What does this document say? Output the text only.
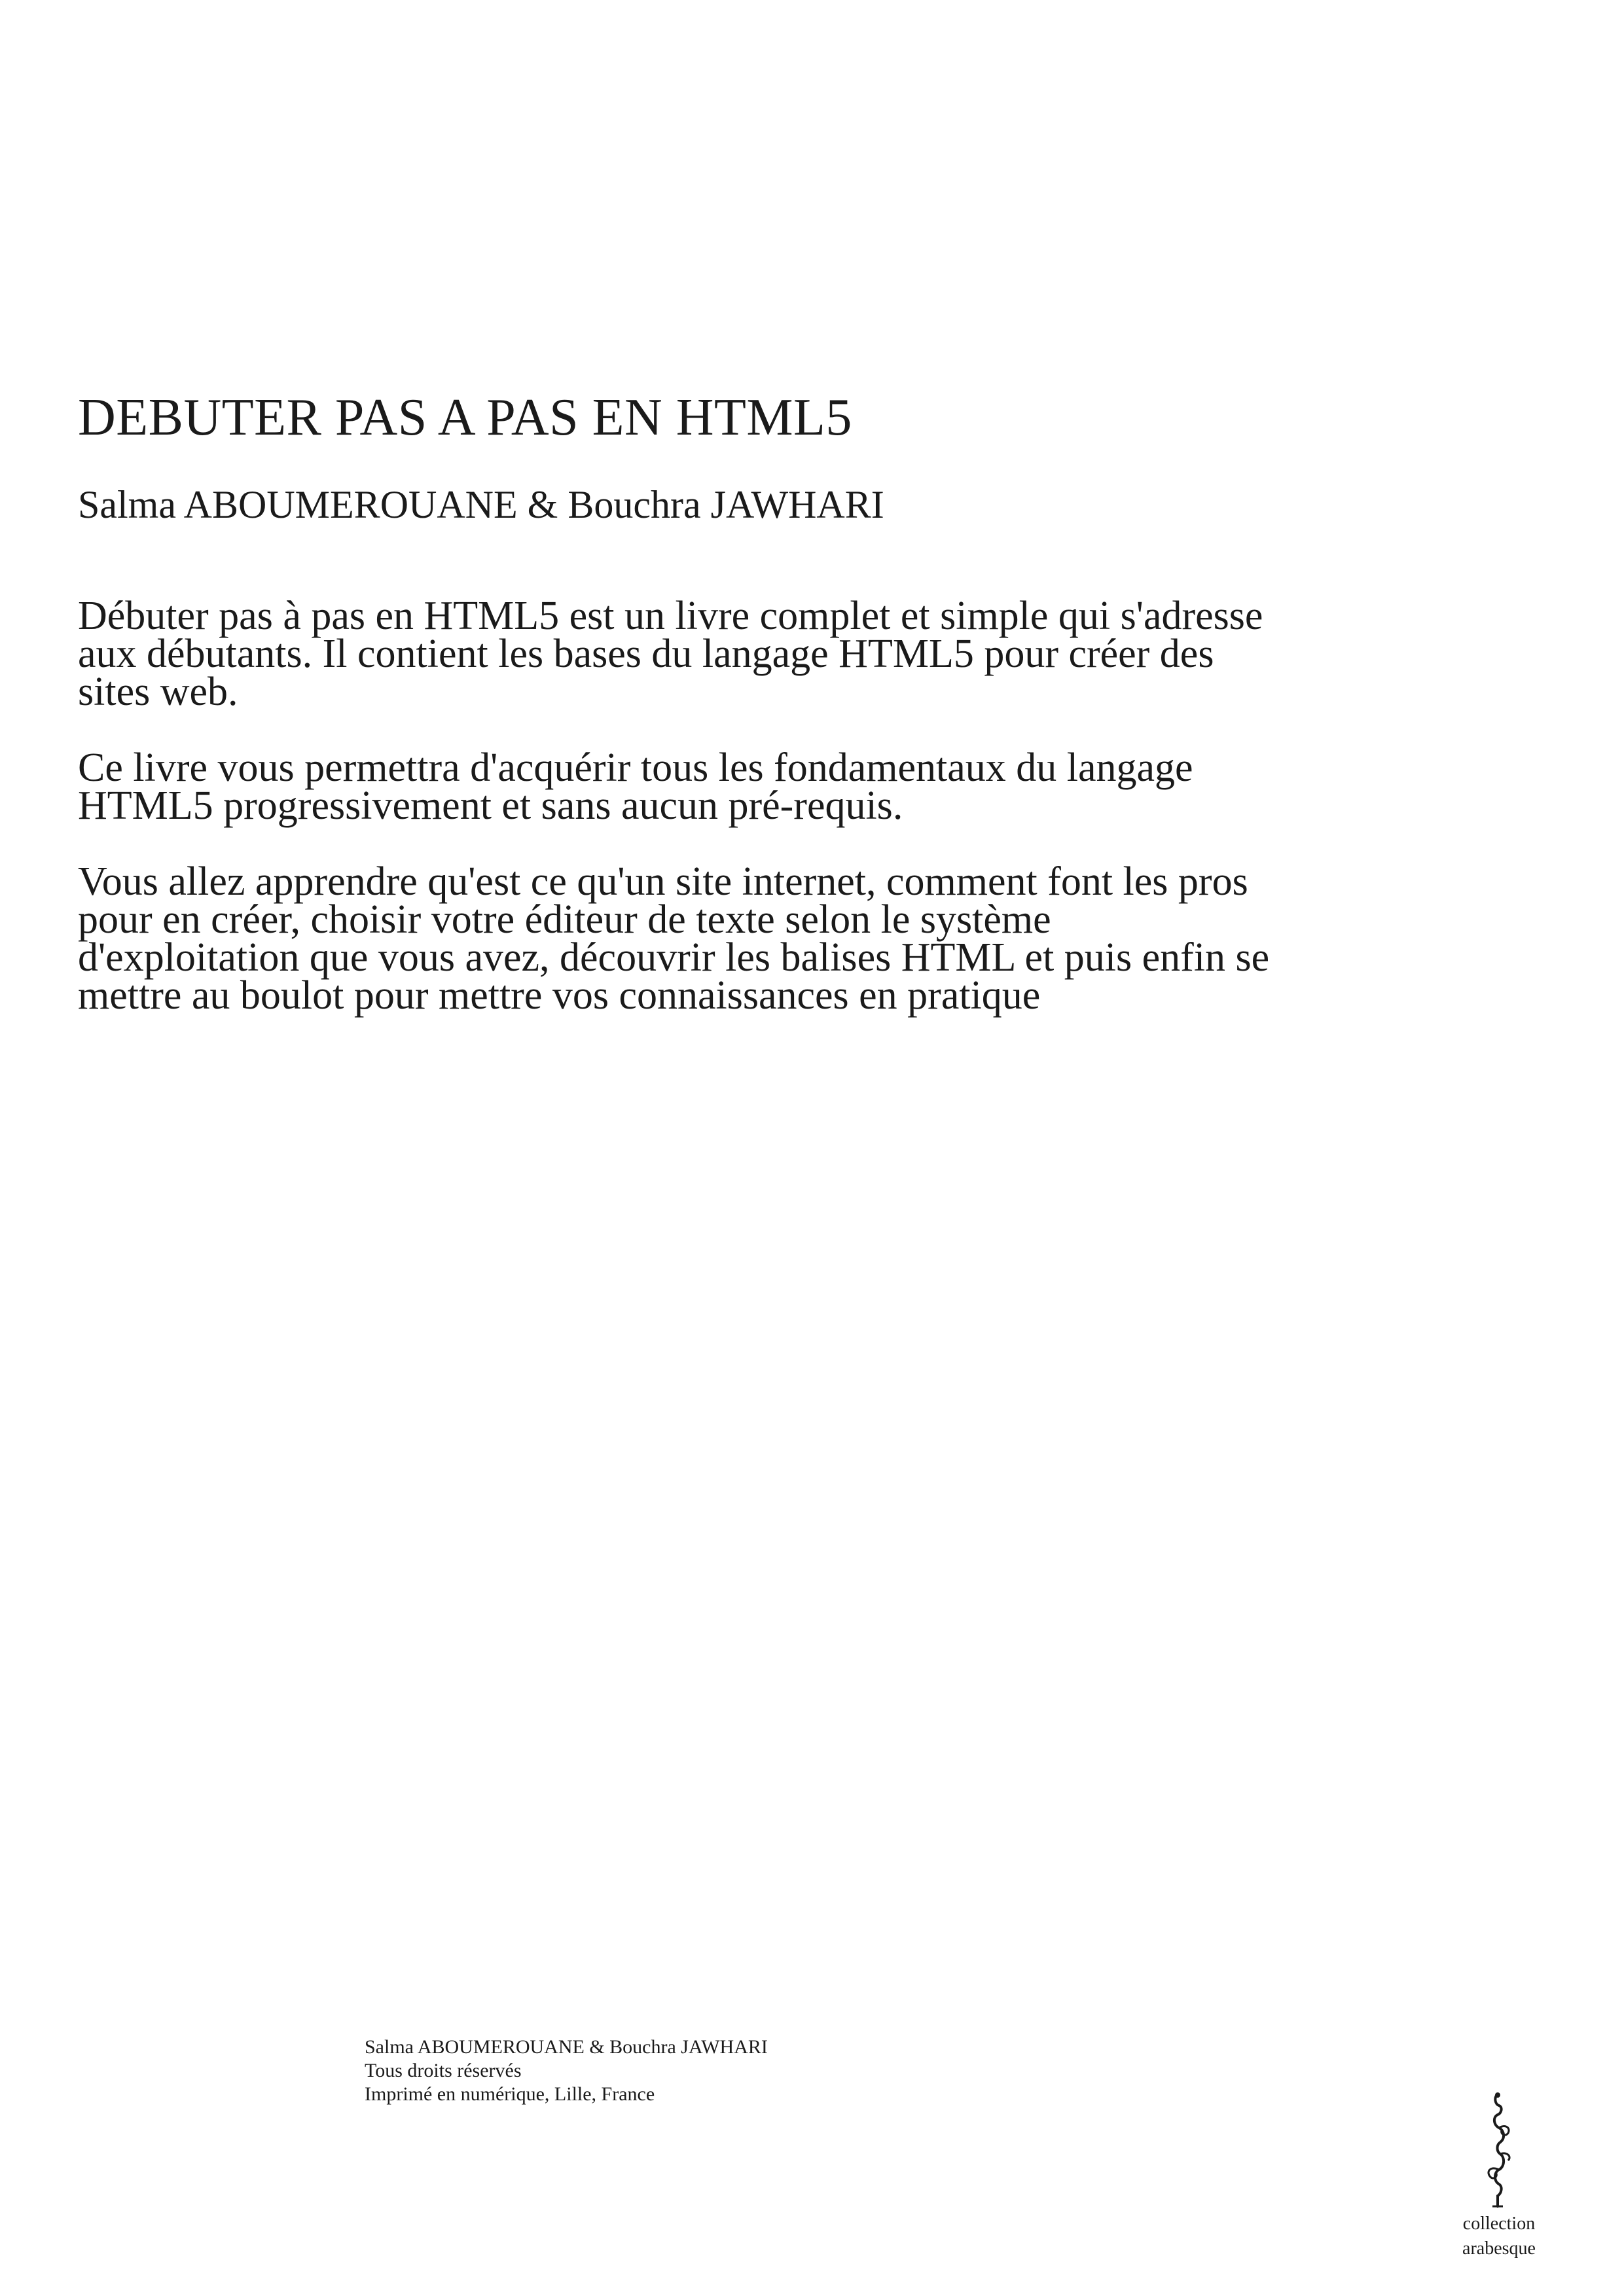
DEBUTER PAS A PAS EN HTML5
Salma ABOUMEROUANE & Bouchra JAWHARI

Débuter pas à pas en HTML5 est un livre complet et simple qui s'adresse aux débutants. Il contient les bases du langage HTML5 pour créer des sites web.

Ce livre vous permettra d'acquérir tous les fondamentaux du langage HTML5 progressivement et sans aucun pré-requis.

Vous allez apprendre qu'est ce qu'un site internet, comment font les pros pour en créer, choisir votre éditeur de texte selon le système d'exploitation que vous avez, découvrir les balises HTML et puis enfin se mettre au boulot pour mettre vos connaissances en pratique

Salma ABOUMEROUANE & Bouchra JAWHARI
Tous droits réservés
Imprimé en numérique, Lille, France
collection
arabesque
